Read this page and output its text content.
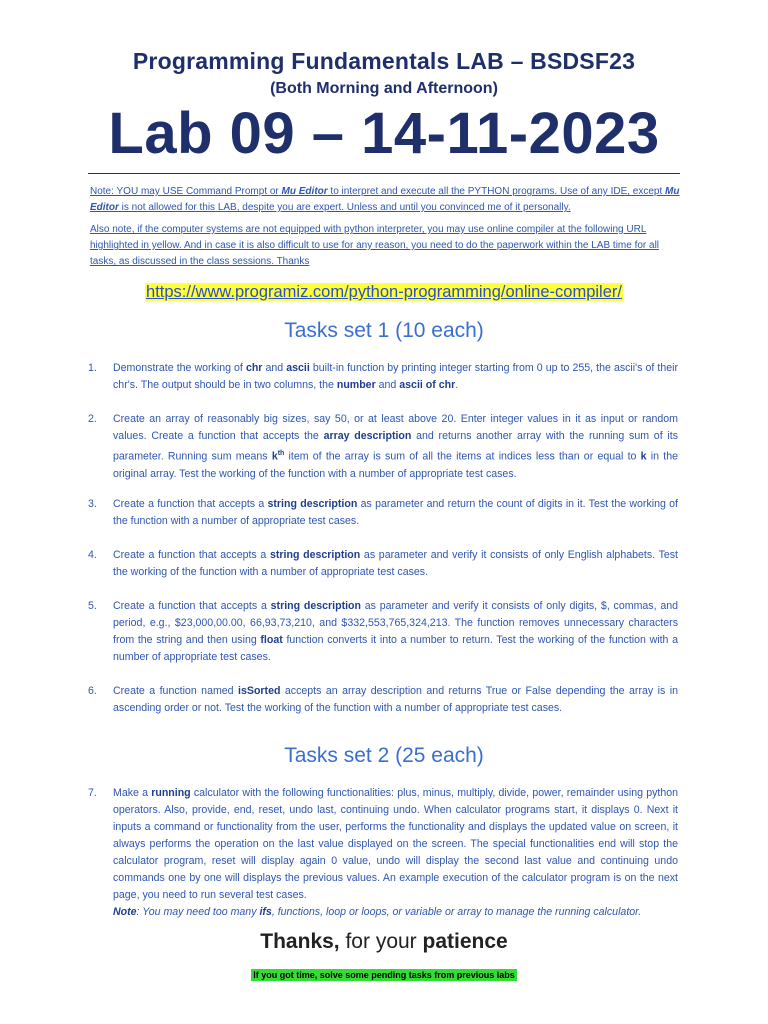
Programming Fundamentals LAB – BSDSF23
(Both Morning and Afternoon)
Lab 09 – 14-11-2023
Note: YOU may USE Command Prompt or Mu Editor to interpret and execute all the PYTHON programs. Use of any IDE, except Mu Editor is not allowed for this LAB, despite you are expert. Unless and until you convinced me of it personally.
Also note, if the computer systems are not equipped with python interpreter, you may use online compiler at the following URL highlighted in yellow. And in case it is also difficult to use for any reason, you need to do the paperwork within the LAB time for all tasks, as discussed in the class sessions. Thanks
https://www.programiz.com/python-programming/online-compiler/
Tasks set 1 (10 each)
1. Demonstrate the working of chr and ascii built-in function by printing integer starting from 0 up to 255, the ascii's of their chr's. The output should be in two columns, the number and ascii of chr.
2. Create an array of reasonably big sizes, say 50, or at least above 20. Enter integer values in it as input or random values. Create a function that accepts the array description and returns another array with the running sum of its parameter. Running sum means $k^{th}$ item of the array is sum of all the items at indices less than or equal to k in the original array. Test the working of the function with a number of appropriate test cases.
3. Create a function that accepts a string description as parameter and return the count of digits in it. Test the working of the function with a number of appropriate test cases.
4. Create a function that accepts a string description as parameter and verify it consists of only English alphabets. Test the working of the function with a number of appropriate test cases.
5. Create a function that accepts a string description as parameter and verify it consists of only digits, $, commas, and period, e.g., $23,000,00.00, 66,93,73,210, and $332,553,765,324,213. The function removes unnecessary characters from the string and then using float function converts it into a number to return. Test the working of the function with a number of appropriate test cases.
6. Create a function named isSorted accepts an array description and returns True or False depending the array is in ascending order or not. Test the working of the function with a number of appropriate test cases.
Tasks set 2 (25 each)
7. Make a running calculator with the following functionalities: plus, minus, multiply, divide, power, remainder using python operators. Also, provide, end, reset, undo last, continuing undo. When calculator programs start, it displays 0. Next it inputs a command or functionality from the user, performs the functionality and displays the updated value on screen, it always performs the operation on the last value displayed on the screen. The special functionalities end will stop the calculator program, reset will display again 0 value, undo will display the second last value and continuing undo commands one by one will displays the previous values. An example execution of the calculator program is on the next page, you need to run several test cases.
Note: You may need too many ifs, functions, loop or loops, or variable or array to manage the running calculator.
Thanks, for your patience
If you got time, solve some pending tasks from previous labs
